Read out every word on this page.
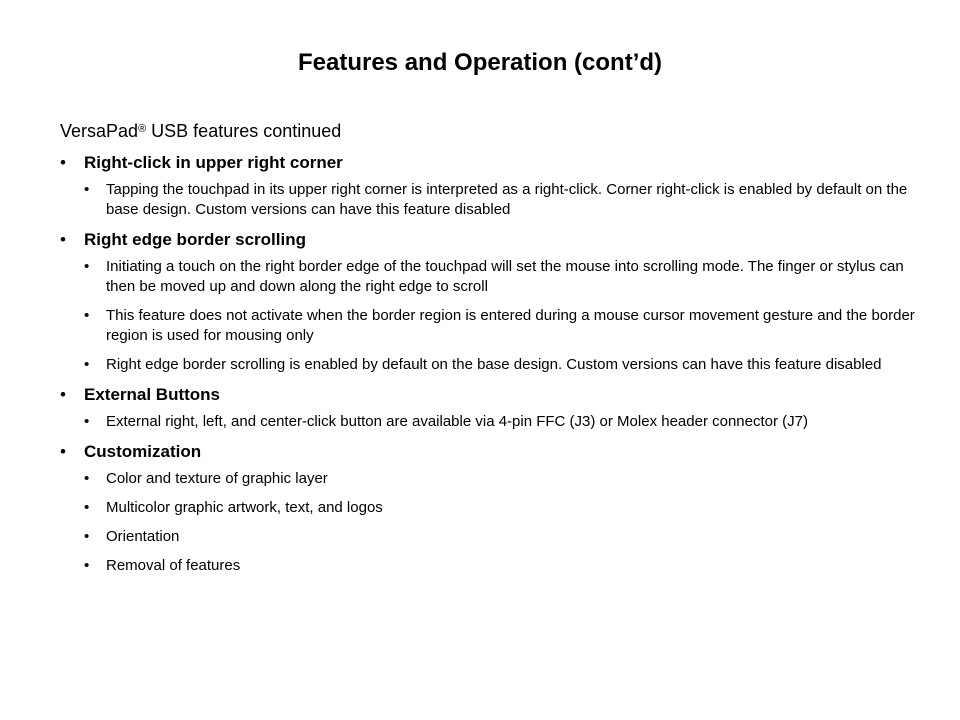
Features and Operation (cont’d)
VersaPad® USB features continued
• Right-click in upper right corner
• Tapping the touchpad in its upper right corner is interpreted as a right-click. Corner right-click is enabled by default on the base design. Custom versions can have this feature disabled
• Right edge border scrolling
• Initiating a touch on the right border edge of the touchpad will set the mouse into scrolling mode. The finger or stylus can then be moved up and down along the right edge to scroll
• This feature does not activate when the border region is entered during a mouse cursor movement gesture and the border region is used for mousing only
• Right edge border scrolling is enabled by default on the base design. Custom versions can have this feature disabled
• External Buttons
• External right, left, and center-click button are available via 4-pin FFC (J3) or Molex header connector (J7)
• Customization
• Color and texture of graphic layer
• Multicolor graphic artwork, text, and logos
• Orientation
• Removal of features
